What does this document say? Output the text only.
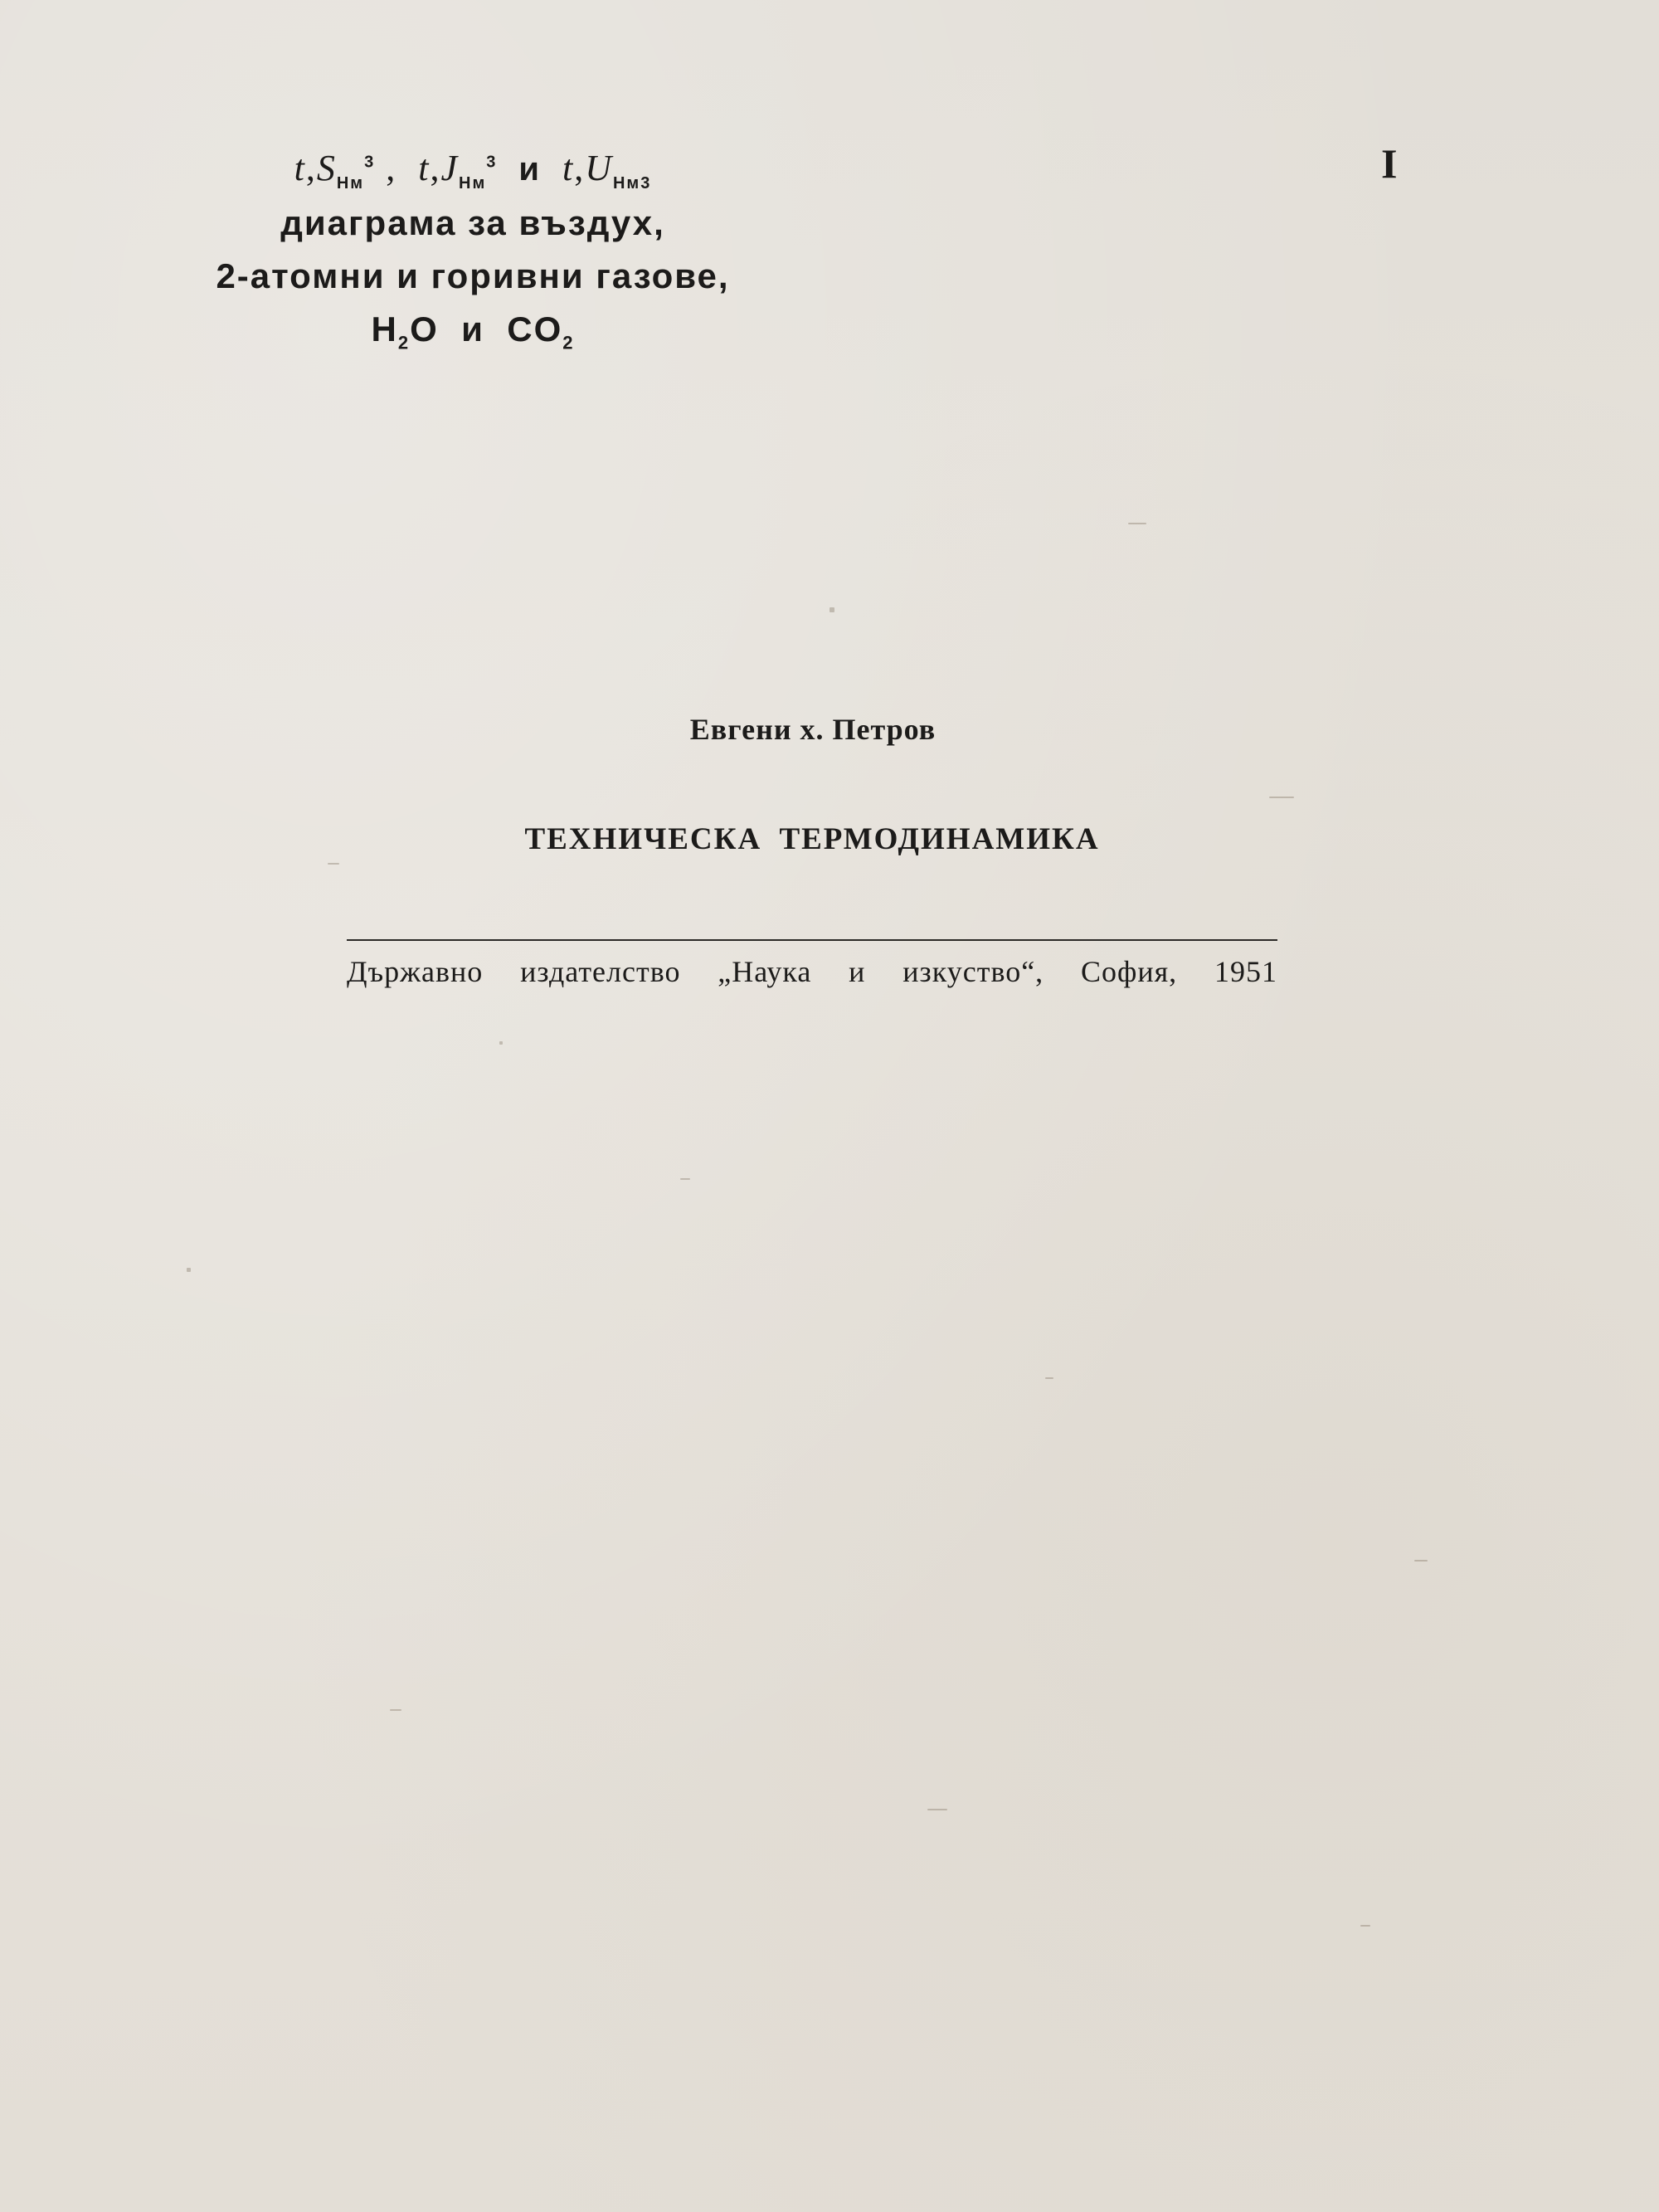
$t,S_{Нм}^3$ ,  $t,J_{Нм}^3$ и $t,U_{Нм3}$
диаграма за въздух,
2-атомни и горивни газове,
$H_2O$ и $CO_2$
I
Евгени х. Петров
ТЕХНИЧЕСКА ТЕРМОДИНАМИКА
Държавно издателство „Наука и изкуство“, София, 1951
